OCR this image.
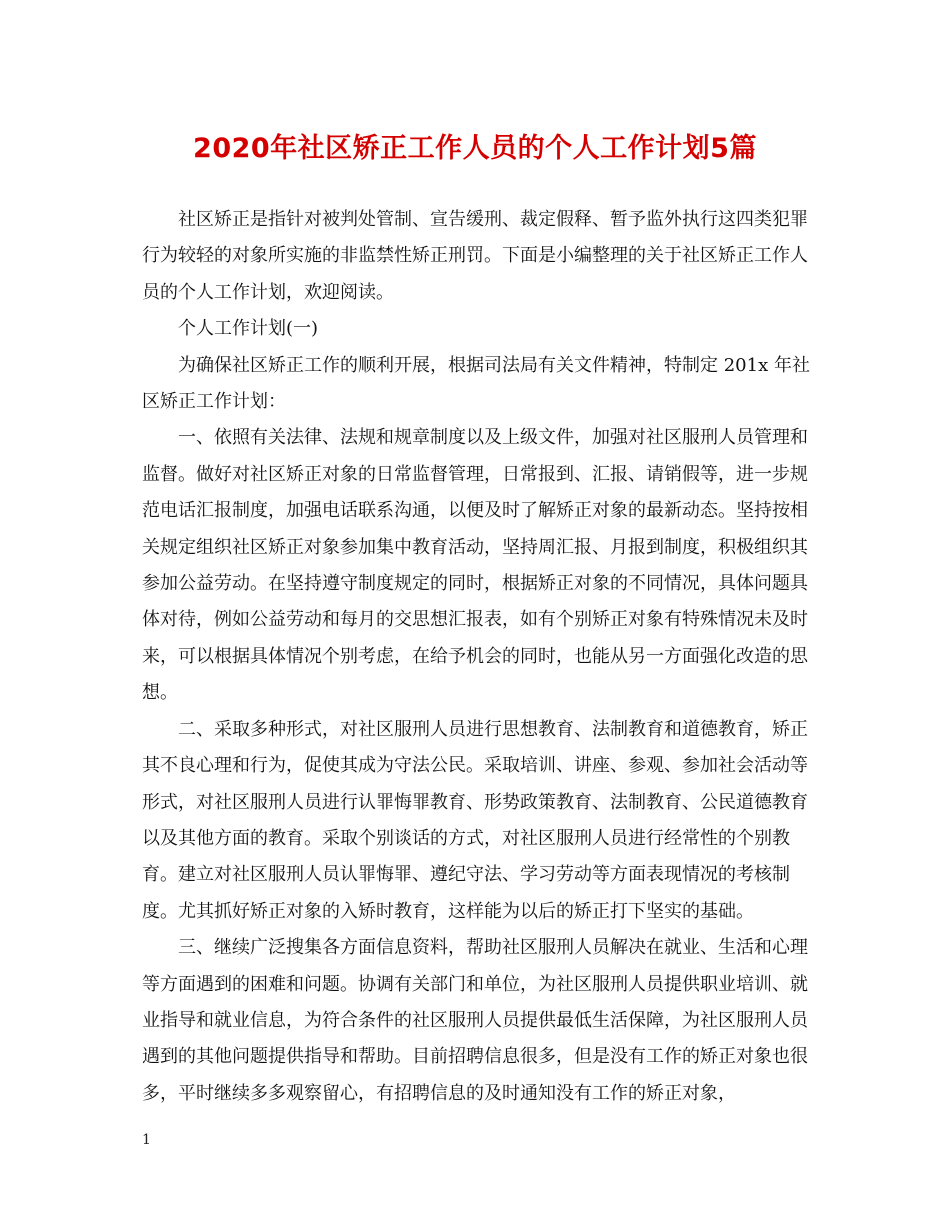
2020年社区矫正工作人员的个人工作计划5篇

社区矫正是指针对被判处管制、宣告缓刑、裁定假释、暂予监外执行这四类犯罪行为较轻的对象所实施的非监禁性矫正刑罚。下面是小编整理的关于社区矫正工作人员的个人工作计划，欢迎阅读。

个人工作计划(一)

为确保社区矫正工作的顺利开展，根据司法局有关文件精神，特制定 201x 年社区矫正工作计划：

一、依照有关法律、法规和规章制度以及上级文件，加强对社区服刑人员管理和监督。做好对社区矫正对象的日常监督管理，日常报到、汇报、请销假等，进一步规范电话汇报制度，加强电话联系沟通，以便及时了解矫正对象的最新动态。坚持按相关规定组织社区矫正对象参加集中教育活动，坚持周汇报、月报到制度，积极组织其参加公益劳动。在坚持遵守制度规定的同时，根据矫正对象的不同情况，具体问题具体对待，例如公益劳动和每月的交思想汇报表，如有个别矫正对象有特殊情况未及时来，可以根据具体情况个别考虑，在给予机会的同时，也能从另一方面强化改造的思想。

二、采取多种形式，对社区服刑人员进行思想教育、法制教育和道德教育，矫正其不良心理和行为，促使其成为守法公民。采取培训、讲座、参观、参加社会活动等形式，对社区服刑人员进行认罪悔罪教育、形势政策教育、法制教育、公民道德教育以及其他方面的教育。采取个别谈话的方式，对社区服刑人员进行经常性的个别教育。建立对社区服刑人员认罪悔罪、遵纪守法、学习劳动等方面表现情况的考核制度。尤其抓好矫正对象的入矫时教育，这样能为以后的矫正打下坚实的基础。

三、继续广泛搜集各方面信息资料，帮助社区服刑人员解决在就业、生活和心理等方面遇到的困难和问题。协调有关部门和单位，为社区服刑人员提供职业培训、就业指导和就业信息，为符合条件的社区服刑人员提供最低生活保障，为社区服刑人员遇到的其他问题提供指导和帮助。目前招聘信息很多，但是没有工作的矫正对象也很多，平时继续多多观察留心，有招聘信息的及时通知没有工作的矫正对象，

1
